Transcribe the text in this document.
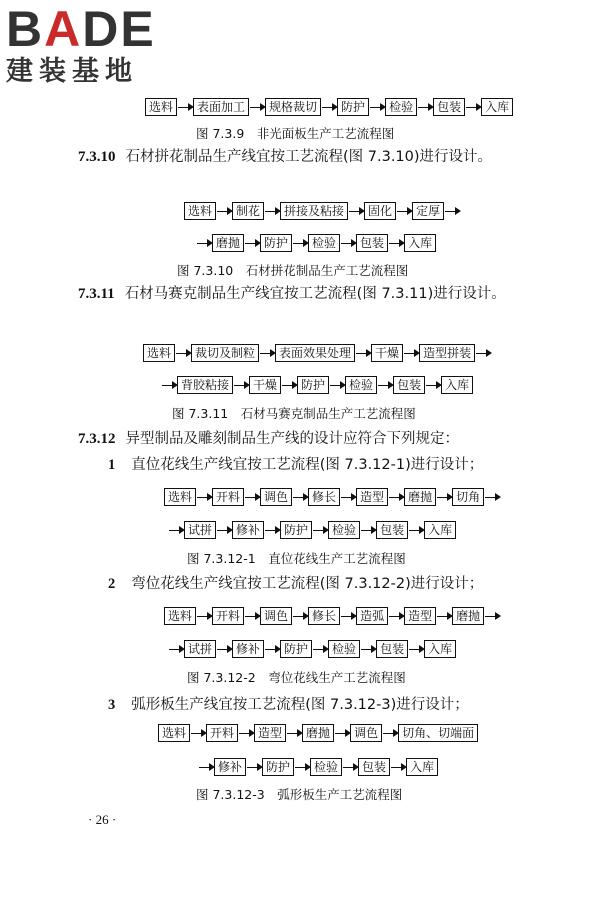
BADE
建装基地
选料	表面加工	规格裁切	防护	检验	包装	入库
图 7.3.9　非光面板生产工艺流程图
7.3.10 石材拼花制品生产线宜按工艺流程(图 7.3.10)进行设计。
选料	制花	拼接及粘接	固化	定厚
磨抛	防护	检验	包装	入库
图 7.3.10　石材拼花制品生产工艺流程图
7.3.11 石材马赛克制品生产线宜按工艺流程(图 7.3.11)进行设计。
选料	裁切及制粒	表面效果处理	干燥	造型拼装
背胶粘接	干燥	防护	检验	包装	入库
图 7.3.11　石材马赛克制品生产工艺流程图
7.3.12 异型制品及雕刻制品生产线的设计应符合下列规定：
1 直位花线生产线宜按工艺流程(图 7.3.12-1)进行设计；
选料	开料	调色	修长	造型	磨抛	切角
试拼	修补	防护	检验	包装	入库
图 7.3.12-1　直位花线生产工艺流程图
2 弯位花线生产线宜按工艺流程(图 7.3.12-2)进行设计；
选料	开料	调色	修长	造弧	造型	磨抛
试拼	修补	防护	检验	包装	入库
图 7.3.12-2　弯位花线生产工艺流程图
3 弧形板生产线宜按工艺流程(图 7.3.12-3)进行设计；
选料	开料	造型	磨抛	调色	切角、切端面
修补	防护	检验	包装	入库
图 7.3.12-3　弧形板生产工艺流程图
· 26 ·
